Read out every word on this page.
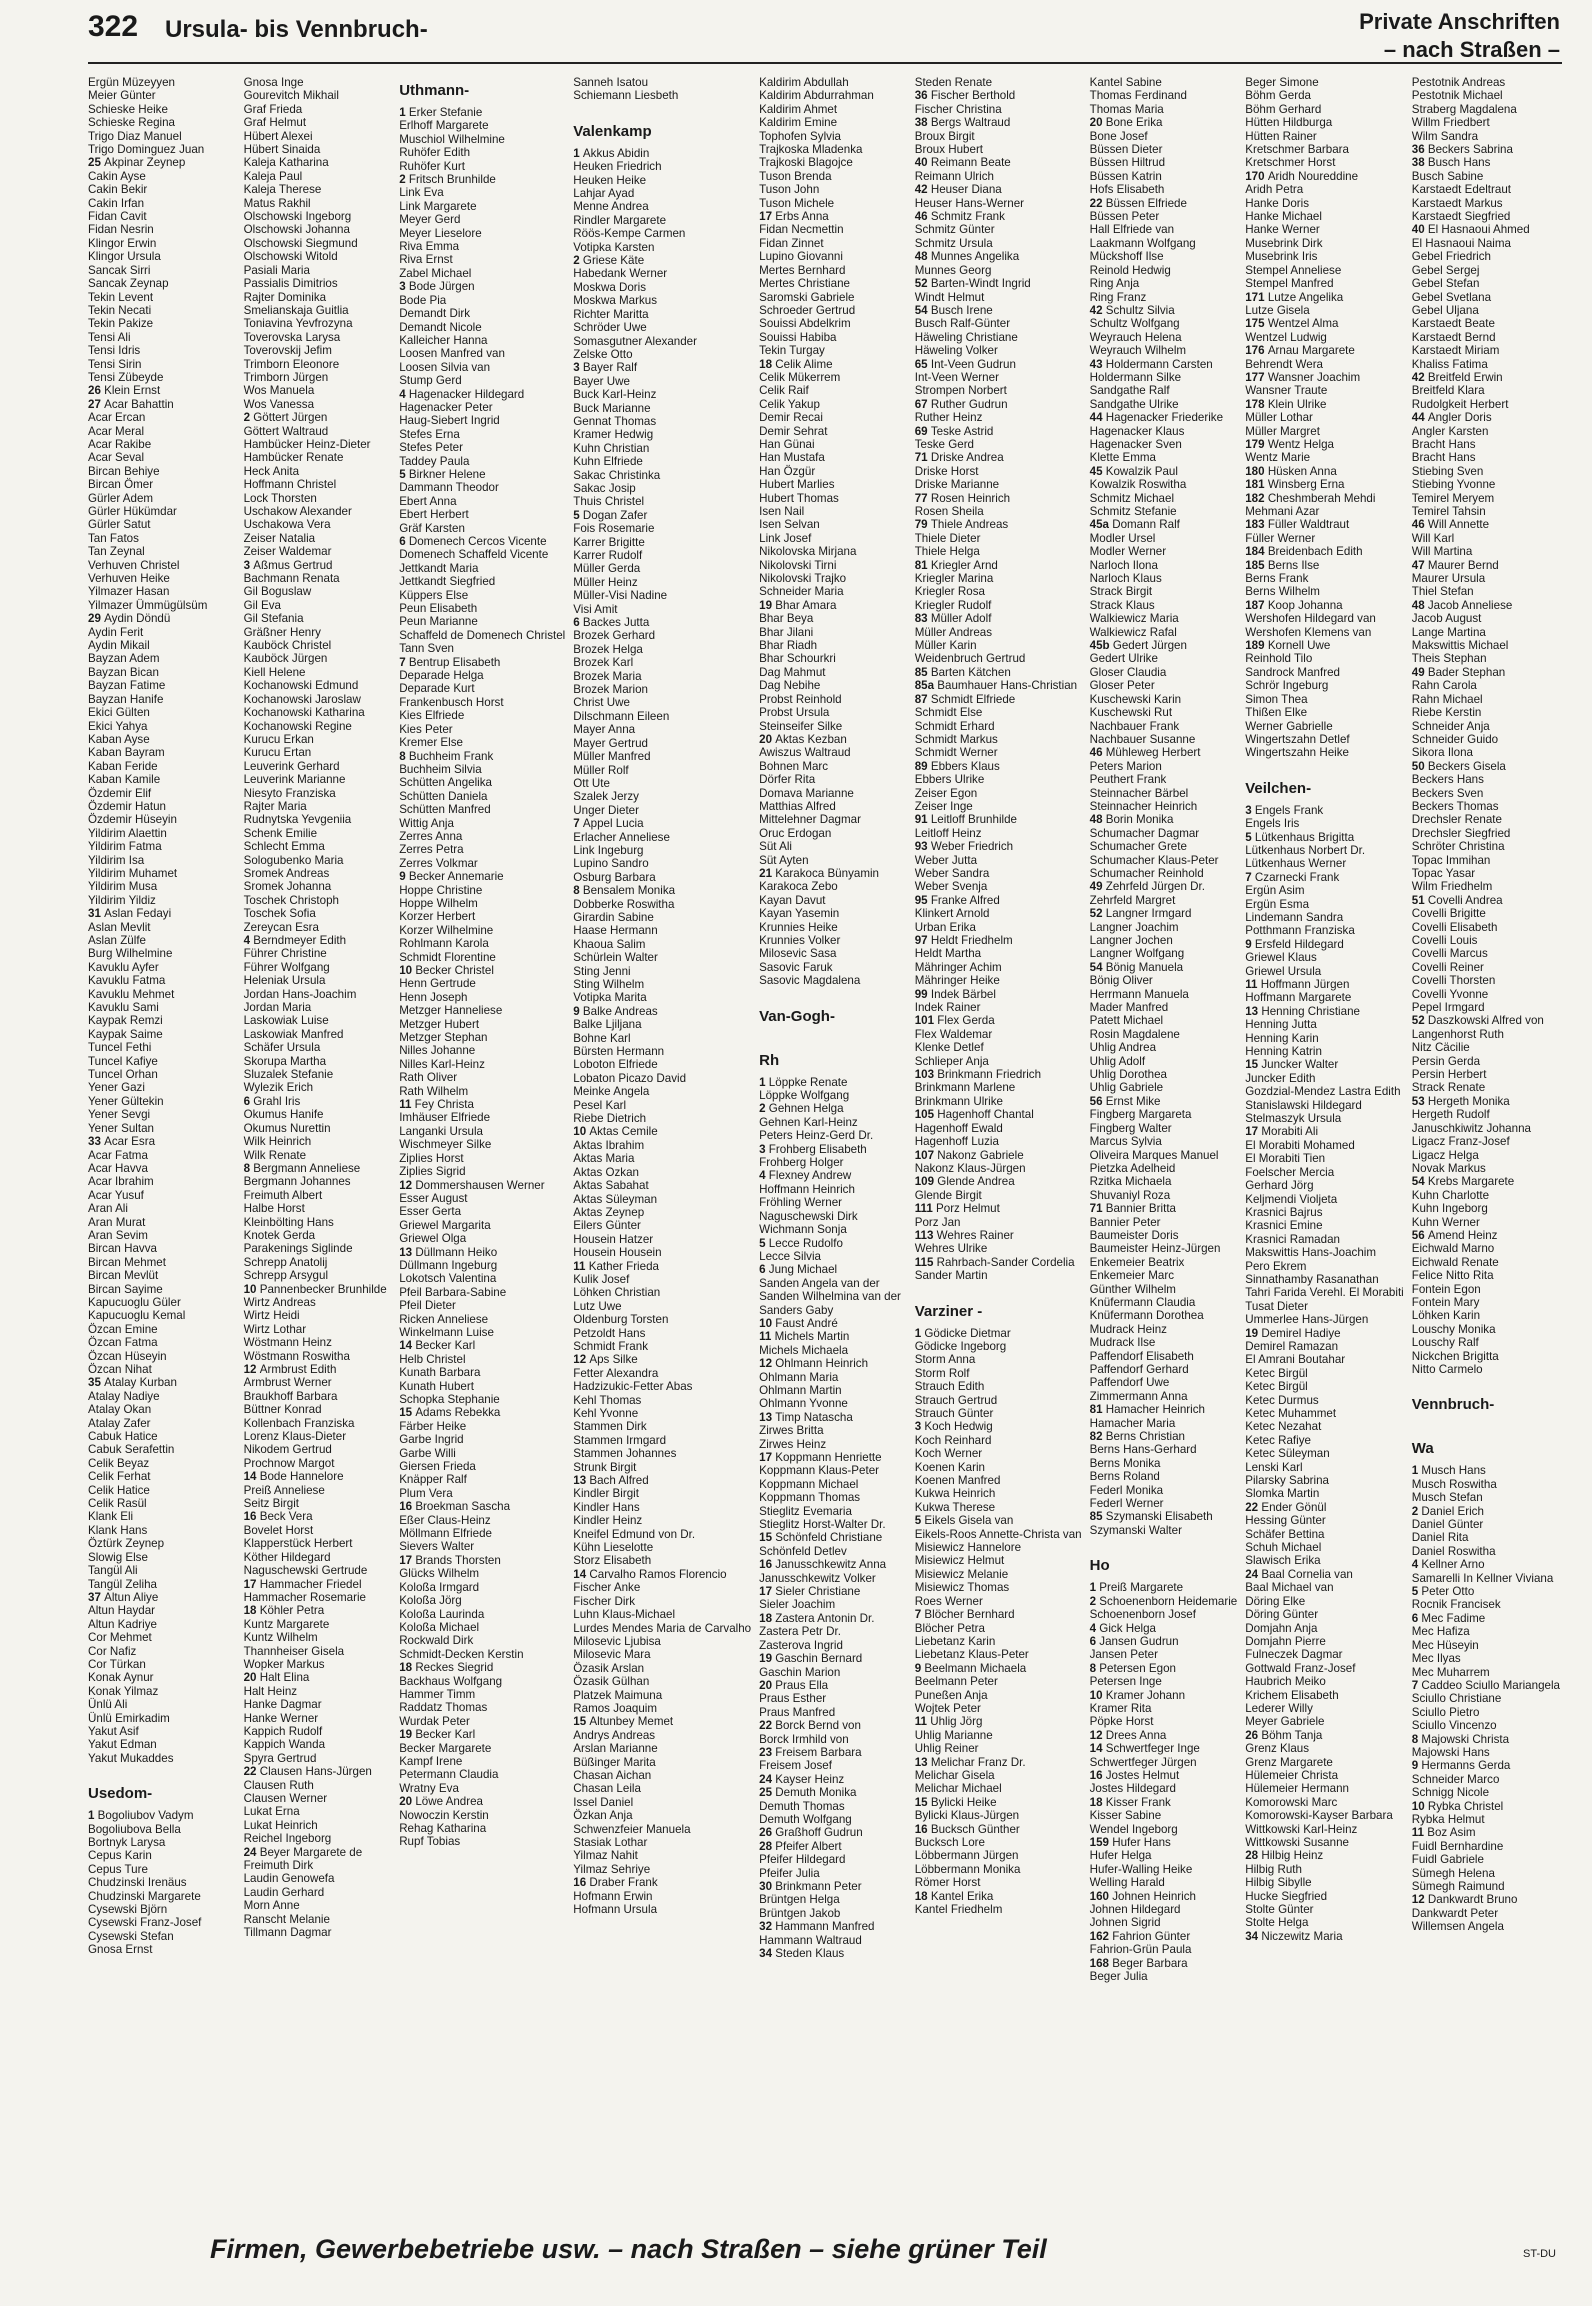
322 Ursula- bis Vennbruch-	Private Anschriften
– nach Straßen –
Ergün Müzeyyen
Meier Günter
Schieske Heike
Schieske Regina
Trigo Diaz Manuel
Trigo Dominguez Juan
25 Akpinar Zeynep
Cakin Ayse
Cakin Bekir
Cakin Irfan
Fidan Cavit
Fidan Nesrin
Klingor Erwin
Klingor Ursula
Sancak Sirri
Sancak Zeynap
Tekin Levent
Tekin Necati
Tekin Pakize
Tensi Ali
Tensi Idris
Tensi Sirin
Tensi Zübeyde
26 Klein Ernst
27 Acar Bahattin
Acar Ercan
Acar Meral
Acar Rakibe
Acar Seval
Bircan Behiye
Bircan Ömer
Gürler Adem
Gürler Hükümdar
Gürler Satut
Tan Fatos
Tan Zeynal
Verhuven Christel
Verhuven Heike
Yilmazer Hasan
Yilmazer Ümmügülsüm
29 Aydin Döndü
Aydin Ferit
Aydin Mikail
Bayzan Adem
Bayzan Bican
Bayzan Fatime
Bayzan Hanife
Ekici Gülten
Ekici Yahya
Kaban Ayse
Kaban Bayram
Kaban Feride
Kaban Kamile
Özdemir Elif
Özdemir Hatun
Özdemir Hüseyin
Yildirim Alaettin
Yildirim Fatma
Yildirim Isa
Yildirim Muhamet
Yildirim Musa
Yildirim Yildiz
31 Aslan Fedayi
Aslan Mevlit
Aslan Zülfe
Burg Wilhelmine
Kavuklu Ayfer
Kavuklu Fatma
Kavuklu Mehmet
Kavuklu Sami
Kaypak Remzi
Kaypak Saime
Tuncel Fethi
Tuncel Kafiye
Tuncel Orhan
Yener Gazi
Yener Gültekin
Yener Sevgi
Yener Sultan
33 Acar Esra
Acar Fatma
Acar Havva
Acar Ibrahim
Acar Yusuf
Aran Ali
Aran Murat
Aran Sevim
Bircan Havva
Bircan Mehmet
Bircan Mevlüt
Bircan Sayime
Kapucuoglu Güler
Kapucuoglu Kemal
Özcan Emine
Özcan Fatma
Özcan Hüseyin
Özcan Nihat
35 Atalay Kurban
Atalay Nadiye
Atalay Okan
Atalay Zafer
Cabuk Hatice
Cabuk Serafettin
Celik Beyaz
Celik Ferhat
Celik Hatice
Celik Rasül
Klank Eli
Klank Hans
Öztürk Zeynep
Slowig Else
Tangül Ali
Tangül Zeliha
37 Altun Aliye
Altun Haydar
Altun Kadriye
Cor Mehmet
Cor Nafiz
Cor Türkan
Konak Aynur
Konak Yilmaz
Ünlü Ali
Ünlü Emirkadim
Yakut Asif
Yakut Edman
Yakut Mukaddes
Usedom-
1 Bogoliubov Vadym
Bogoliubova Bella
Bortnyk Larysa
Cepus Karin
Cepus Ture
Chudzinski Irenäus
Chudzinski Margarete
Cysewski Björn
Cysewski Franz-Josef
Cysewski Stefan
Gnosa Ernst
Gnosa Inge
Gourevitch Mikhail
Graf Frieda
Graf Helmut
Hübert Alexei
Hübert Sinaida
Kaleja Katharina
Kaleja Paul
Kaleja Therese
Matus Rakhil
Olschowski Ingeborg
Olschowski Johanna
Olschowski Siegmund
Olschowski Witold
Pasiali Maria
Passialis Dimitrios
Rajter Dominika
Smelianskaja Guitlia
Toniavina Yevfrozyna
Toverovska Larysa
Toverovskij Jefim
Trimborn Eleonore
Trimborn Jürgen
Wos Manuela
Wos Vanessa
2 Göttert Jürgen
Göttert Waltraud
Hambücker Heinz-Dieter
Hambücker Renate
Heck Anita
Hoffmann Christel
Lock Thorsten
Uschakow Alexander
Uschakowa Vera
Zeiser Natalia
Zeiser Waldemar
3 Aßmus Gertrud
Bachmann Renata
Gil Boguslaw
Gil Eva
Gil Stefania
Gräßner Henry
Kauböck Christel
Kauböck Jürgen
Kiell Helene
Kochanowski Edmund
Kochanowski Jaroslaw
Kochanowski Katharina
Kochanowski Regine
Kurucu Erkan
Kurucu Ertan
Leuverink Gerhard
Leuverink Marianne
Niesyto Franziska
Rajter Maria
Rudnytska Yevgeniia
Schenk Emilie
Schlecht Emma
Sologubenko Maria
Sromek Andreas
Sromek Johanna
Toschek Christoph
Toschek Sofia
Zereycan Esra
4 Berndmeyer Edith
Führer Christine
Führer Wolfgang
Heleniak Ursula
Jordan Hans-Joachim
Jordan Maria
Laskowiak Luise
Laskowiak Manfred
Schäfer Ursula
Skorupa Martha
Sluzalek Stefanie
Wylezik Erich
6 Grahl Iris
Okumus Hanife
Okumus Nurettin
Wilk Heinrich
Wilk Renate
8 Bergmann Anneliese
Bergmann Johannes
Freimuth Albert
Halbe Horst
Kleinbölting Hans
Knotek Gerda
Parakenings Siglinde
Schrepp Anatolij
Schrepp Arsygul
10 Pannenbecker Brunhilde
Wirtz Andreas
Wirtz Heidi
Wirtz Lothar
Wöstmann Heinz
Wöstmann Roswitha
12 Armbrust Edith
Armbrust Werner
Braukhoff Barbara
Büttner Konrad
Kollenbach Franziska
Lorenz Klaus-Dieter
Nikodem Gertrud
Prochnow Margot
14 Bode Hannelore
Preiß Anneliese
Seitz Birgit
16 Beck Vera
Bovelet Horst
Klapperstück Herbert
Köther Hildegard
Naguschewski Gertrude
17 Hammacher Friedel
Hammacher Rosemarie
18 Köhler Petra
Kuntz Margarete
Kuntz Wilhelm
Thannheiser Gisela
Wopker Markus
20 Halt Elina
Halt Heinz
Hanke Dagmar
Hanke Werner
Kappich Rudolf
Kappich Wanda
Spyra Gertrud
22 Clausen Hans-Jürgen
Clausen Ruth
Clausen Werner
Lukat Erna
Lukat Heinrich
Reichel Ingeborg
24 Beyer Margarete de
Freimuth Dirk
Laudin Genowefa
Laudin Gerhard
Morn Anne
Ranscht Melanie
Tillmann Dagmar
Uthmann-
1 Erker Stefanie
Erlhoff Margarete
Muschiol Wilhelmine
Ruhöfer Edith
Ruhöfer Kurt
2 Fritsch Brunhilde
Link Eva
Link Margarete
Meyer Gerd
Meyer Lieselore
Riva Emma
Riva Ernst
Zabel Michael
3 Bode Jürgen
Bode Pia
Demandt Dirk
Demandt Nicole
Kalleicher Hanna
Loosen Manfred van
Loosen Silvia van
Stump Gerd
4 Hagenacker Hildegard
Hagenacker Peter
Haug-Siebert Ingrid
Stefes Erna
Stefes Peter
Taddey Paula
5 Birkner Helene
Dammann Theodor
Ebert Anna
Ebert Herbert
Gräf Karsten
6 Domenech Cercos Vicente
Domenech Schaffeld Vicente
Jettkandt Maria
Jettkandt Siegfried
Küppers Else
Peun Elisabeth
Peun Marianne
Schaffeld de Domenech Christel
Tann Sven
7 Bentrup Elisabeth
Deparade Helga
Deparade Kurt
Frankenbusch Horst
Kies Elfriede
Kies Peter
Kremer Else
8 Buchheim Frank
Buchheim Silvia
Schütten Angelika
Schütten Daniela
Schütten Manfred
Wittig Anja
Zerres Anna
Zerres Petra
Zerres Volkmar
9 Becker Annemarie
Hoppe Christine
Hoppe Wilhelm
Korzer Herbert
Korzer Wilhelmine
Rohlmann Karola
Schmidt Florentine
10 Becker Christel
Henn Gertrude
Henn Joseph
Metzger Hanneliese
Metzger Hubert
Metzger Stephan
Nilles Johanne
Nilles Karl-Heinz
Rath Oliver
Rath Wilhelm
11 Fey Christa
Imhäuser Elfriede
Langanki Ursula
Wischmeyer Silke
Ziplies Horst
Ziplies Sigrid
12 Dommershausen Werner
Esser August
Esser Gerta
Griewel Margarita
Griewel Olga
13 Düllmann Heiko
Düllmann Ingeburg
Lokotsch Valentina
Pfeil Barbara-Sabine
Pfeil Dieter
Ricken Anneliese
Winkelmann Luise
14 Becker Karl
Helb Christel
Kunath Barbara
Kunath Hubert
Schopka Stephanie
15 Adams Rebekka
Färber Heike
Garbe Ingrid
Garbe Willi
Giersen Frieda
Knäpper Ralf
Plum Vera
16 Broekman Sascha
Eßer Claus-Heinz
Möllmann Elfriede
Sievers Walter
17 Brands Thorsten
Glücks Wilhelm
Koloßa Irmgard
Koloßa Jörg
Koloßa Laurinda
Koloßa Michael
Rockwald Dirk
Schmidt-Decken Kerstin
18 Reckes Siegrid
Backhaus Wolfgang
Hammer Timm
Raddatz Thomas
Wurdak Peter
19 Becker Karl
Becker Margarete
Kampf Irene
Petermann Claudia
Wratny Eva
20 Löwe Andrea
Nowoczin Kerstin
Rehag Katharina
Rupf Tobias
Sanneh Isatou
Schiemann Liesbeth
Valenkamp
1 Akkus Abidin
Heuken Friedrich
Heuken Heike
Lahjar Ayad
Menne Andrea
Rindler Margarete
Röös-Kempe Carmen
Votipka Karsten
2 Griese Käte
Habedank Werner
Moskwa Doris
Moskwa Markus
Richter Maritta
Schröder Uwe
Somasgutner Alexander
Zelske Otto
3 Bayer Ralf
Bayer Uwe
Buck Karl-Heinz
Buck Marianne
Gennat Thomas
Kramer Hedwig
Kuhn Christian
Kuhn Elfriede
Sakac Christinka
Sakac Josip
Thuis Christel
5 Dogan Zafer
Fois Rosemarie
Karrer Brigitte
Karrer Rudolf
Müller Gerda
Müller Heinz
Müller-Visi Nadine
Visi Amit
6 Backes Jutta
Brozek Gerhard
Brozek Helga
Brozek Karl
Brozek Maria
Brozek Marion
Christ Uwe
Dilschmann Eileen
Mayer Anna
Mayer Gertrud
Müller Manfred
Müller Rolf
Ott Ute
Szalek Jerzy
Unger Dieter
7 Appel Lucia
Erlacher Anneliese
Link Ingeburg
Lupino Sandro
Osburg Barbara
8 Bensalem Monika
Dobberke Roswitha
Girardin Sabine
Haase Hermann
Khaoua Salim
Schürlein Walter
Sting Jenni
Sting Wilhelm
Votipka Marita
9 Balke Andreas
Balke Ljiljana
Bohne Karl
Bürsten Hermann
Loboton Elfriede
Lobaton Picazo David
Meinke Angela
Pesel Karl
Riebe Dietrich
10 Aktas Cemile
Aktas Ibrahim
Aktas Maria
Aktas Ozkan
Aktas Sabahat
Aktas Süleyman
Aktas Zeynep
Eilers Günter
Housein Hatzer
Housein Housein
11 Kather Frieda
Kulik Josef
Löhken Christian
Lutz Uwe
Oldenburg Torsten
Petzoldt Hans
Schmidt Frank
12 Aps Silke
Fetter Alexandra
Hadzizukic-Fetter Abas
Kehl Thomas
Kehl Yvonne
Stammen Dirk
Stammen Irmgard
Stammen Johannes
Strunk Birgit
13 Bach Alfred
Kindler Birgit
Kindler Hans
Kindler Heinz
Kneifel Edmund von Dr.
Kühn Lieselotte
Storz Elisabeth
14 Carvalho Ramos Florencio
Fischer Anke
Fischer Dirk
Luhn Klaus-Michael
Lurdes Mendes Maria de Carvalho
Milosevic Ljubisa
Milosevic Mara
Özasik Arslan
Özasik Gülhan
Platzek Maimuna
Ramos Joaquim
15 Altunbey Memet
Andrys Andreas
Arslan Marianne
Büßinger Marita
Chasan Aichan
Chasan Leila
Issel Daniel
Özkan Anja
Schwenzfeier Manuela
Stasiak Lothar
Yilmaz Nahit
Yilmaz Sehriye
16 Draber Frank
Hofmann Erwin
Hofmann Ursula
Kaldirim Abdullah
Kaldirim Abdurrahman
Kaldirim Ahmet
Kaldirim Emine
Tophofen Sylvia
Trajkoska Mladenka
Trajkoski Blagojce
Tuson Brenda
Tuson John
Tuson Michele
17 Erbs Anna
Fidan Necmettin
Fidan Zinnet
Lupino Giovanni
Mertes Bernhard
Mertes Christiane
Saromski Gabriele
Schroeder Gertrud
Souissi Abdelkrim
Souissi Habiba
Tekin Turgay
18 Celik Alime
Celik Mükerrem
Celik Raif
Celik Yakup
Demir Recai
Demir Sehrat
Han Günai
Han Mustafa
Han Özgür
Hubert Marlies
Hubert Thomas
Isen Nail
Isen Selvan
Link Josef
Nikolovska Mirjana
Nikolovski Tirni
Nikolovski Trajko
Schneider Maria
19 Bhar Amara
Bhar Beya
Bhar Jilani
Bhar Riadh
Bhar Schourkri
Dag Mahmut
Dag Nebihe
Probst Reinhold
Probst Ursula
Steinseifer Silke
20 Aktas Kezban
Awiszus Waltraud
Bohnen Marc
Dörfer Rita
Domava Marianne
Matthias Alfred
Mittelehner Dagmar
Oruc Erdogan
Süt Ali
Süt Ayten
21 Karakoca Bünyamin
Karakoca Zebo
Kayan Davut
Kayan Yasemin
Krunnies Heike
Krunnies Volker
Milosevic Sasa
Sasovic Faruk
Sasovic Magdalena
Van-Gogh-
Rh
1 Löppke Renate
Löppke Wolfgang
2 Gehnen Helga
Gehnen Karl-Heinz
Peters Heinz-Gerd Dr.
3 Frohberg Elisabeth
Frohberg Holger
4 Flexney Andrew
Hoffmann Heinrich
Fröhling Werner
Naguschewski Dirk
Wichmann Sonja
5 Lecce Rudolfo
Lecce Silvia
6 Jung Michael
Sanden Angela van der
Sanden Wilhelmina van der
Sanders Gaby
10 Faust André
11 Michels Martin
Michels Michaela
12 Ohlmann Heinrich
Ohlmann Maria
Ohlmann Martin
Ohlmann Yvonne
13 Timp Natascha
Zirwes Britta
Zirwes Heinz
17 Koppmann Henriette
Koppmann Klaus-Peter
Koppmann Michael
Koppmann Thomas
Stieglitz Evemaria
Stieglitz Horst-Walter Dr.
15 Schönfeld Christiane
Schönfeld Detlev
16 Janusschkewitz Anna
Janusschkewitz Volker
17 Sieler Christiane
Sieler Joachim
18 Zastera Antonin Dr.
Zastera Petr Dr.
Zasterova Ingrid
19 Gaschin Bernard
Gaschin Marion
20 Praus Ella
Praus Esther
Praus Manfred
22 Borck Bernd von
Borck Irmhild von
23 Freisem Barbara
Freisem Josef
24 Kayser Heinz
25 Demuth Monika
Demuth Thomas
Demuth Wolfgang
26 Graßhoff Gudrun
28 Pfeifer Albert
Pfeifer Hildegard
Pfeifer Julia
30 Brinkmann Peter
Brüntgen Helga
Brüntgen Jakob
32 Hammann Manfred
Hammann Waltraud
34 Steden Klaus
Steden Renate
36 Fischer Berthold
Fischer Christina
38 Bergs Waltraud
Broux Birgit
Broux Hubert
40 Reimann Beate
Reimann Ulrich
42 Heuser Diana
Heuser Hans-Werner
46 Schmitz Frank
Schmitz Günter
Schmitz Ursula
48 Munnes Angelika
Munnes Georg
52 Barten-Windt Ingrid
Windt Helmut
54 Busch Irene
Busch Ralf-Günter
Häweling Christiane
Häweling Volker
65 Int-Veen Gudrun
Int-Veen Werner
Strompen Norbert
67 Ruther Gudrun
Ruther Heinz
69 Teske Astrid
Teske Gerd
71 Driske Andrea
Driske Horst
Driske Marianne
77 Rosen Heinrich
Rosen Sheila
79 Thiele Andreas
Thiele Dieter
Thiele Helga
81 Kriegler Arnd
Kriegler Marina
Kriegler Rosa
Kriegler Rudolf
83 Müller Adolf
Müller Andreas
Müller Karin
Weidenbruch Gertrud
85 Barten Kätchen
85a Baumhauer Hans-Christian
87 Schmidt Elfriede
Schmidt Else
Schmidt Erhard
Schmidt Markus
Schmidt Werner
89 Ebbers Klaus
Ebbers Ulrike
Zeiser Egon
Zeiser Inge
91 Leitloff Brunhilde
Leitloff Heinz
93 Weber Friedrich
Weber Jutta
Weber Sandra
Weber Svenja
95 Franke Alfred
Klinkert Arnold
Urban Erika
97 Heldt Friedhelm
Heldt Martha
Mähringer Achim
Mähringer Heike
99 Indek Bärbel
Indek Rainer
101 Flex Gerda
Flex Waldemar
Klenke Detlef
Schlieper Anja
103 Brinkmann Friedrich
Brinkmann Marlene
Brinkmann Ulrike
105 Hagenhoff Chantal
Hagenhoff Ewald
Hagenhoff Luzia
107 Nakonz Gabriele
Nakonz Klaus-Jürgen
109 Glende Andrea
Glende Birgit
111 Porz Helmut
Porz Jan
113 Wehres Rainer
Wehres Ulrike
115 Rahrbach-Sander Cordelia
Sander Martin
Varziner -
1 Gödicke Dietmar
Gödicke Ingeborg
Storm Anna
Storm Rolf
Strauch Edith
Strauch Gertrud
Strauch Günter
3 Koch Hedwig
Koch Reinhard
Koch Werner
Koenen Karin
Koenen Manfred
Kukwa Heinrich
Kukwa Therese
5 Eikels Gisela van
Eikels-Roos Annette-Christa van
Misiewicz Hannelore
Misiewicz Helmut
Misiewicz Melanie
Misiewicz Thomas
Roes Werner
7 Blöcher Bernhard
Blöcher Petra
Liebetanz Karin
Liebetanz Klaus-Peter
9 Beelmann Michaela
Beelmann Peter
Puneßen Anja
Wojtek Peter
11 Uhlig Jörg
Uhlig Marianne
Uhlig Reiner
13 Melichar Franz Dr.
Melichar Gisela
Melichar Michael
15 Bylicki Heike
Bylicki Klaus-Jürgen
16 Bucksch Günther
Bucksch Lore
Löbbermann Jürgen
Löbbermann Monika
Römer Horst
18 Kantel Erika
Kantel Friedhelm
Kantel Sabine
Thomas Ferdinand
Thomas Maria
20 Bone Erika
Bone Josef
Büssen Dieter
Büssen Hiltrud
Büssen Katrin
Hofs Elisabeth
22 Büssen Elfriede
Büssen Peter
Hall Elfriede van
Laakmann Wolfgang
Mückshoff Ilse
Reinold Hedwig
Ring Anja
Ring Franz
42 Schultz Silvia
Schultz Wolfgang
Weyrauch Helena
Weyrauch Wilhelm
43 Holdermann Carsten
Holdermann Silke
Sandgathe Ralf
Sandgathe Ulrike
44 Hagenacker Friederike
Hagenacker Klaus
Hagenacker Sven
Klette Emma
45 Kowalzik Paul
Kowalzik Roswitha
Schmitz Michael
Schmitz Stefanie
45a Domann Ralf
Modler Ursel
Modler Werner
Narloch Ilona
Narloch Klaus
Strack Birgit
Strack Klaus
Walkiewicz Maria
Walkiewicz Rafal
45b Gedert Jürgen
Gedert Ulrike
Gloser Claudia
Gloser Peter
Kuschewski Karin
Kuschewski Rut
Nachbauer Frank
Nachbauer Susanne
46 Mühleweg Herbert
Peters Marion
Peuthert Frank
Steinnacher Bärbel
Steinnacher Heinrich
48 Borin Monika
Schumacher Dagmar
Schumacher Grete
Schumacher Klaus-Peter
Schumacher Reinhold
49 Zehrfeld Jürgen Dr.
Zehrfeld Margret
52 Langner Irmgard
Langner Joachim
Langner Jochen
Langner Wolfgang
54 Bönig Manuela
Bönig Oliver
Herrmann Manuela
Mader Manfred
Patett Michael
Rosin Magdalene
Uhlig Andrea
Uhlig Adolf
Uhlig Dorothea
Uhlig Gabriele
56 Ernst Mike
Fingberg Margareta
Fingberg Walter
Marcus Sylvia
Oliveira Marques Manuel
Pietzka Adelheid
Rzitka Michaela
Shuvaniyl Roza
71 Bannier Britta
Bannier Peter
Baumeister Doris
Baumeister Heinz-Jürgen
Enkemeier Beatrix
Enkemeier Marc
Günther Wilhelm
Knüfermann Claudia
Knüfermann Dorothea
Mudrack Heinz
Mudrack Ilse
Paffendorf Elisabeth
Paffendorf Gerhard
Paffendorf Uwe
Zimmermann Anna
81 Hamacher Heinrich
Hamacher Maria
82 Berns Christian
Berns Hans-Gerhard
Berns Monika
Berns Roland
Federl Monika
Federl Werner
85 Szymanski Elisabeth
Szymanski Walter
Ho
1 Preiß Margarete
2 Schoenenborn Heidemarie
Schoenenborn Josef
4 Gick Helga
6 Jansen Gudrun
Jansen Peter
8 Petersen Egon
Petersen Inge
10 Kramer Johann
Kramer Rita
Pöpke Horst
12 Drees Anna
14 Schwertfeger Inge
Schwertfeger Jürgen
16 Jostes Helmut
Jostes Hildegard
18 Kisser Frank
Kisser Sabine
Wendel Ingeborg
159 Hufer Hans
Hufer Helga
Hufer-Walling Heike
Welling Harald
160 Johnen Heinrich
Johnen Hildegard
Johnen Sigrid
162 Fahrion Günter
Fahrion-Grün Paula
168 Beger Barbara
Beger Julia
Beger Simone
Böhm Gerda
Böhm Gerhard
Hütten Hildburga
Hütten Rainer
Kretschmer Barbara
Kretschmer Horst
170 Aridh Noureddine
Aridh Petra
Hanke Doris
Hanke Michael
Hanke Werner
Musebrink Dirk
Musebrink Iris
Stempel Anneliese
Stempel Manfred
171 Lutze Angelika
Lutze Gisela
175 Wentzel Alma
Wentzel Ludwig
176 Arnau Margarete
Behrendt Wera
177 Wansner Joachim
Wansner Traute
178 Klein Ulrike
Müller Lothar
Müller Margret
179 Wentz Helga
Wentz Marie
180 Hüsken Anna
181 Winsberg Erna
182 Cheshmberah Mehdi
Mehmani Azar
183 Füller Waldtraut
Füller Werner
184 Breidenbach Edith
185 Berns Ilse
Berns Frank
Berns Wilhelm
187 Koop Johanna
Wershofen Hildegard van
Wershofen Klemens van
189 Kornell Uwe
Reinhold Tilo
Sandrock Manfred
Schrör Ingeburg
Simon Thea
Thißen Elke
Werner Gabrielle
Wingertszahn Detlef
Wingertszahn Heike
Veilchen-
3 Engels Frank
Engels Iris
5 Lütkenhaus Brigitta
Lütkenhaus Norbert Dr.
Lütkenhaus Werner
7 Czarnecki Frank
Ergün Asim
Ergün Esma
Lindemann Sandra
Potthmann Franziska
9 Ersfeld Hildegard
Griewel Klaus
Griewel Ursula
11 Hoffmann Jürgen
Hoffmann Margarete
13 Henning Christiane
Henning Jutta
Henning Karin
Henning Katrin
15 Juncker Walter
Juncker Edith
Gozdzial-Mendez Lastra Edith
Stanislawski Hildegard
Stelmaszyk Ursula
17 Morabiti Ali
El Morabiti Mohamed
El Morabiti Tien
Foelscher Mercia
Gerhard Jörg
Keljmendi Violjeta
Krasnici Bajrus
Krasnici Emine
Krasnici Ramadan
Makswittis Hans-Joachim
Pero Ekrem
Sinnathamby Rasanathan
Tahri Farida Verehl. El Morabiti
Tusat Dieter
Ummerlee Hans-Jürgen
19 Demirel Hadiye
Demirel Ramazan
El Amrani Boutahar
Ketec Birgül
Ketec Birgül
Ketec Durmus
Ketec Muhammet
Ketec Nezahat
Ketec Rafiye
Ketec Süleyman
Lenski Karl
Pilarsky Sabrina
Slomka Martin
22 Ender Gönül
Hessing Günter
Schäfer Bettina
Schuh Michael
Slawisch Erika
24 Baal Cornelia van
Baal Michael van
Döring Elke
Döring Günter
Domjahn Anja
Domjahn Pierre
Fulneczek Dagmar
Gottwald Franz-Josef
Haubrich Meiko
Krichem Elisabeth
Lederer Willy
Meyer Gabriele
26 Böhm Tanja
Grenz Klaus
Grenz Margarete
Hülemeier Christa
Hülemeier Hermann
Komorowski Marc
Komorowski-Kayser Barbara
Wittkowski Karl-Heinz
Wittkowski Susanne
28 Hilbig Heinz
Hilbig Ruth
Hilbig Sibylle
Hucke Siegfried
Stolte Günter
Stolte Helga
34 Niczewitz Maria
Pestotnik Andreas
Pestotnik Michael
Straberg Magdalena
Willm Friedbert
Wilm Sandra
36 Beckers Sabrina
38 Busch Hans
Busch Sabine
Karstaedt Edeltraut
Karstaedt Markus
Karstaedt Siegfried
40 El Hasnaoui Ahmed
El Hasnaoui Naima
Gebel Friedrich
Gebel Sergej
Gebel Stefan
Gebel Svetlana
Gebel Uljana
Karstaedt Beate
Karstaedt Bernd
Karstaedt Miriam
Khaliss Fatima
42 Breitfeld Erwin
Breitfeld Klara
Rudolgkeit Herbert
44 Angler Doris
Angler Karsten
Bracht Hans
Bracht Hans
Stiebing Sven
Stiebing Yvonne
Temirel Meryem
Temirel Tahsin
46 Will Annette
Will Karl
Will Martina
47 Maurer Bernd
Maurer Ursula
Thiel Stefan
48 Jacob Anneliese
Jacob August
Lange Martina
Makswittis Michael
Theis Stephan
49 Bader Stephan
Rahn Carola
Rahn Michael
Riebe Kerstin
Schneider Anja
Schneider Guido
Sikora Ilona
50 Beckers Gisela
Beckers Hans
Beckers Sven
Beckers Thomas
Drechsler Renate
Drechsler Siegfried
Schröter Christina
Topac Immihan
Topac Yasar
Wilm Friedhelm
51 Covelli Andrea
Covelli Brigitte
Covelli Elisabeth
Covelli Louis
Covelli Marcus
Covelli Reiner
Covelli Thorsten
Covelli Yvonne
Pepel Irmgard
52 Daszkowski Alfred von
Langenhorst Ruth
Nitz Cäcilie
Persin Gerda
Persin Herbert
Strack Renate
53 Hergeth Monika
Hergeth Rudolf
Januschkiwitz Johanna
Ligacz Franz-Josef
Ligacz Helga
Novak Markus
54 Krebs Margarete
Kuhn Charlotte
Kuhn Ingeborg
Kuhn Werner
56 Amend Heinz
Eichwald Marno
Eichwald Renate
Felice Nitto Rita
Fontein Egon
Fontein Mary
Löhken Karin
Louschy Monika
Louschy Ralf
Nickchen Brigitta
Nitto Carmelo
Vennbruch-
Wa
1 Musch Hans
Musch Roswitha
Musch Stefan
2 Daniel Erich
Daniel Günter
Daniel Rita
Daniel Roswitha
4 Kellner Arno
Samarelli In Kellner Viviana
5 Peter Otto
Rocnik Francisek
6 Mec Fadime
Mec Hafiza
Mec Hüseyin
Mec Ilyas
Mec Muharrem
7 Caddeo Sciullo Mariangela
Sciullo Christiane
Sciullo Pietro
Sciullo Vincenzo
8 Majowski Christa
Majowski Hans
9 Hermanns Gerda
Schneider Marco
Schnigg Nicole
10 Rybka Christel
Rybka Helmut
11 Boz Asim
Fuidl Bernhardine
Fuidl Gabriele
Sümegh Helena
Sümegh Raimund
12 Dankwardt Bruno
Dankwardt Peter
Willemsen Angela
Firmen, Gewerbebetriebe usw. – nach Straßen – siehe grüner Teil	ST-DU
